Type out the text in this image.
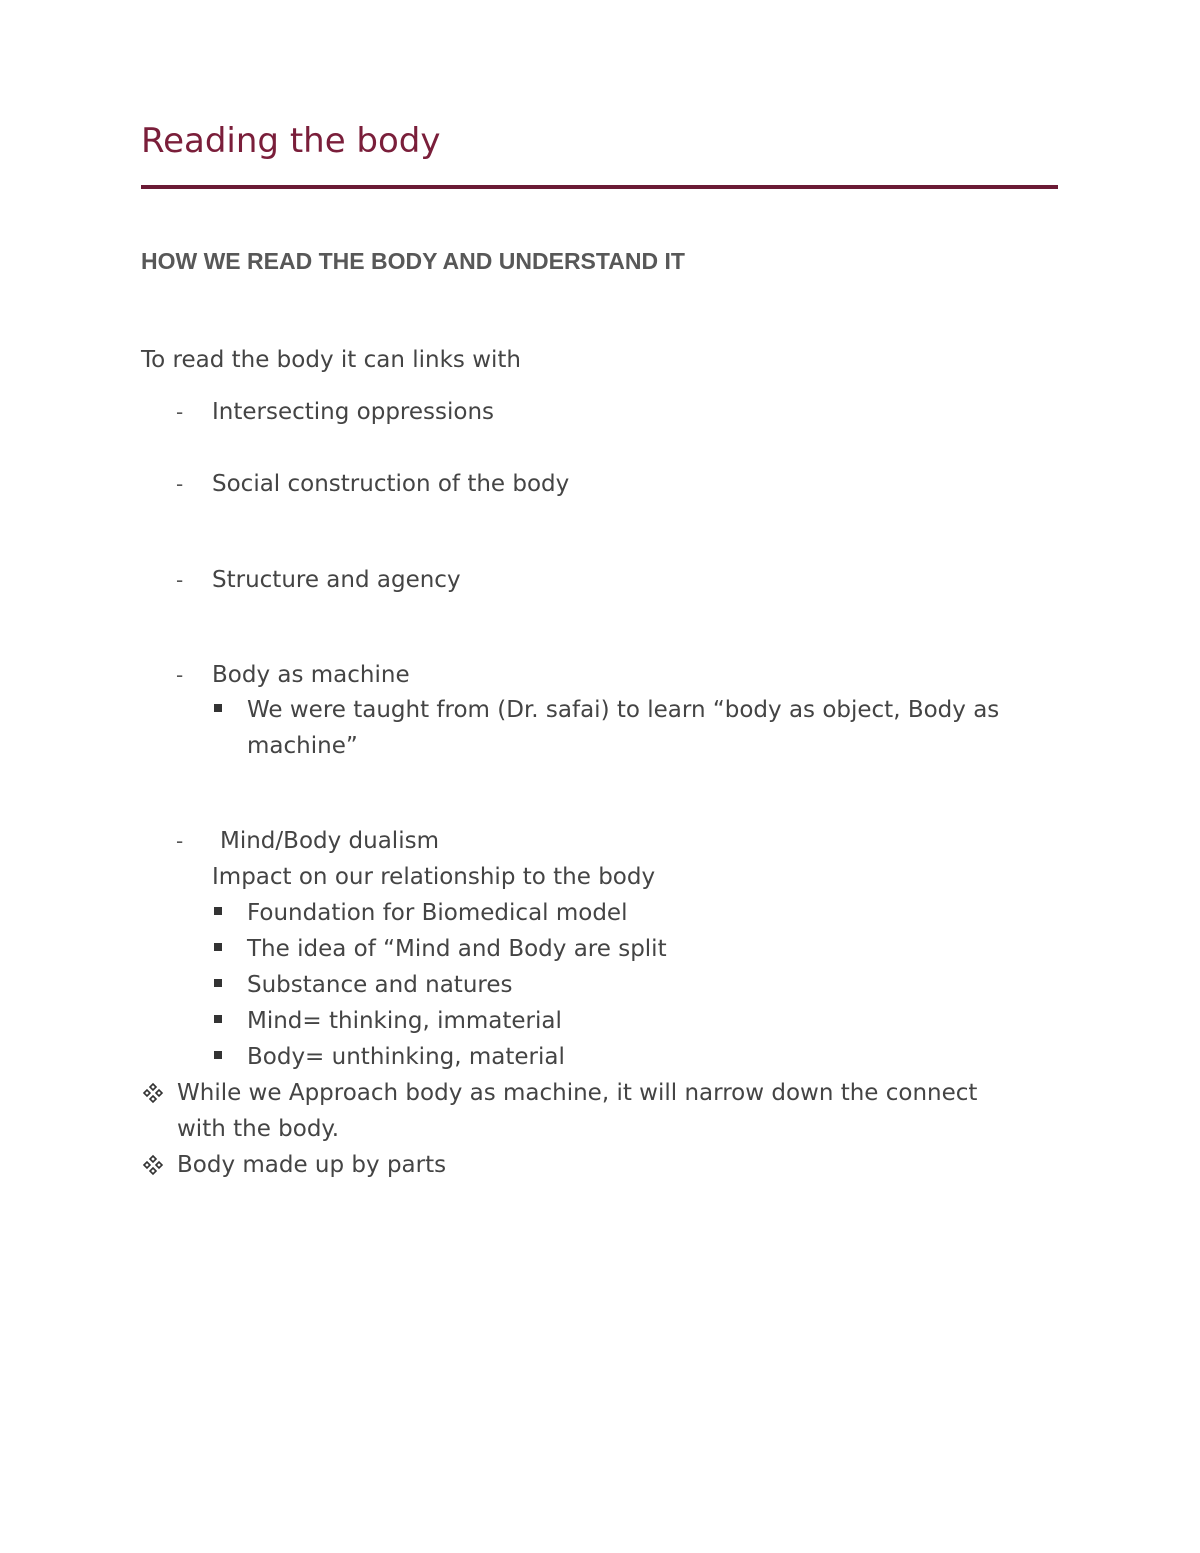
Reading the body
HOW WE READ THE BODY AND UNDERSTAND IT
To read the body it can links with
- Intersecting oppressions
- Social construction of the body
- Structure and agency
- Body as machine
We were taught from (Dr. safai) to learn “body as object, Body as
machine”
- Mind/Body dualism
Impact on our relationship to the body
Foundation for Biomedical model
The idea of “Mind and Body are split
Substance and natures
Mind= thinking, immaterial
Body= unthinking, material
While we Approach body as machine, it will narrow down the connect
with the body.
Body made up by parts
